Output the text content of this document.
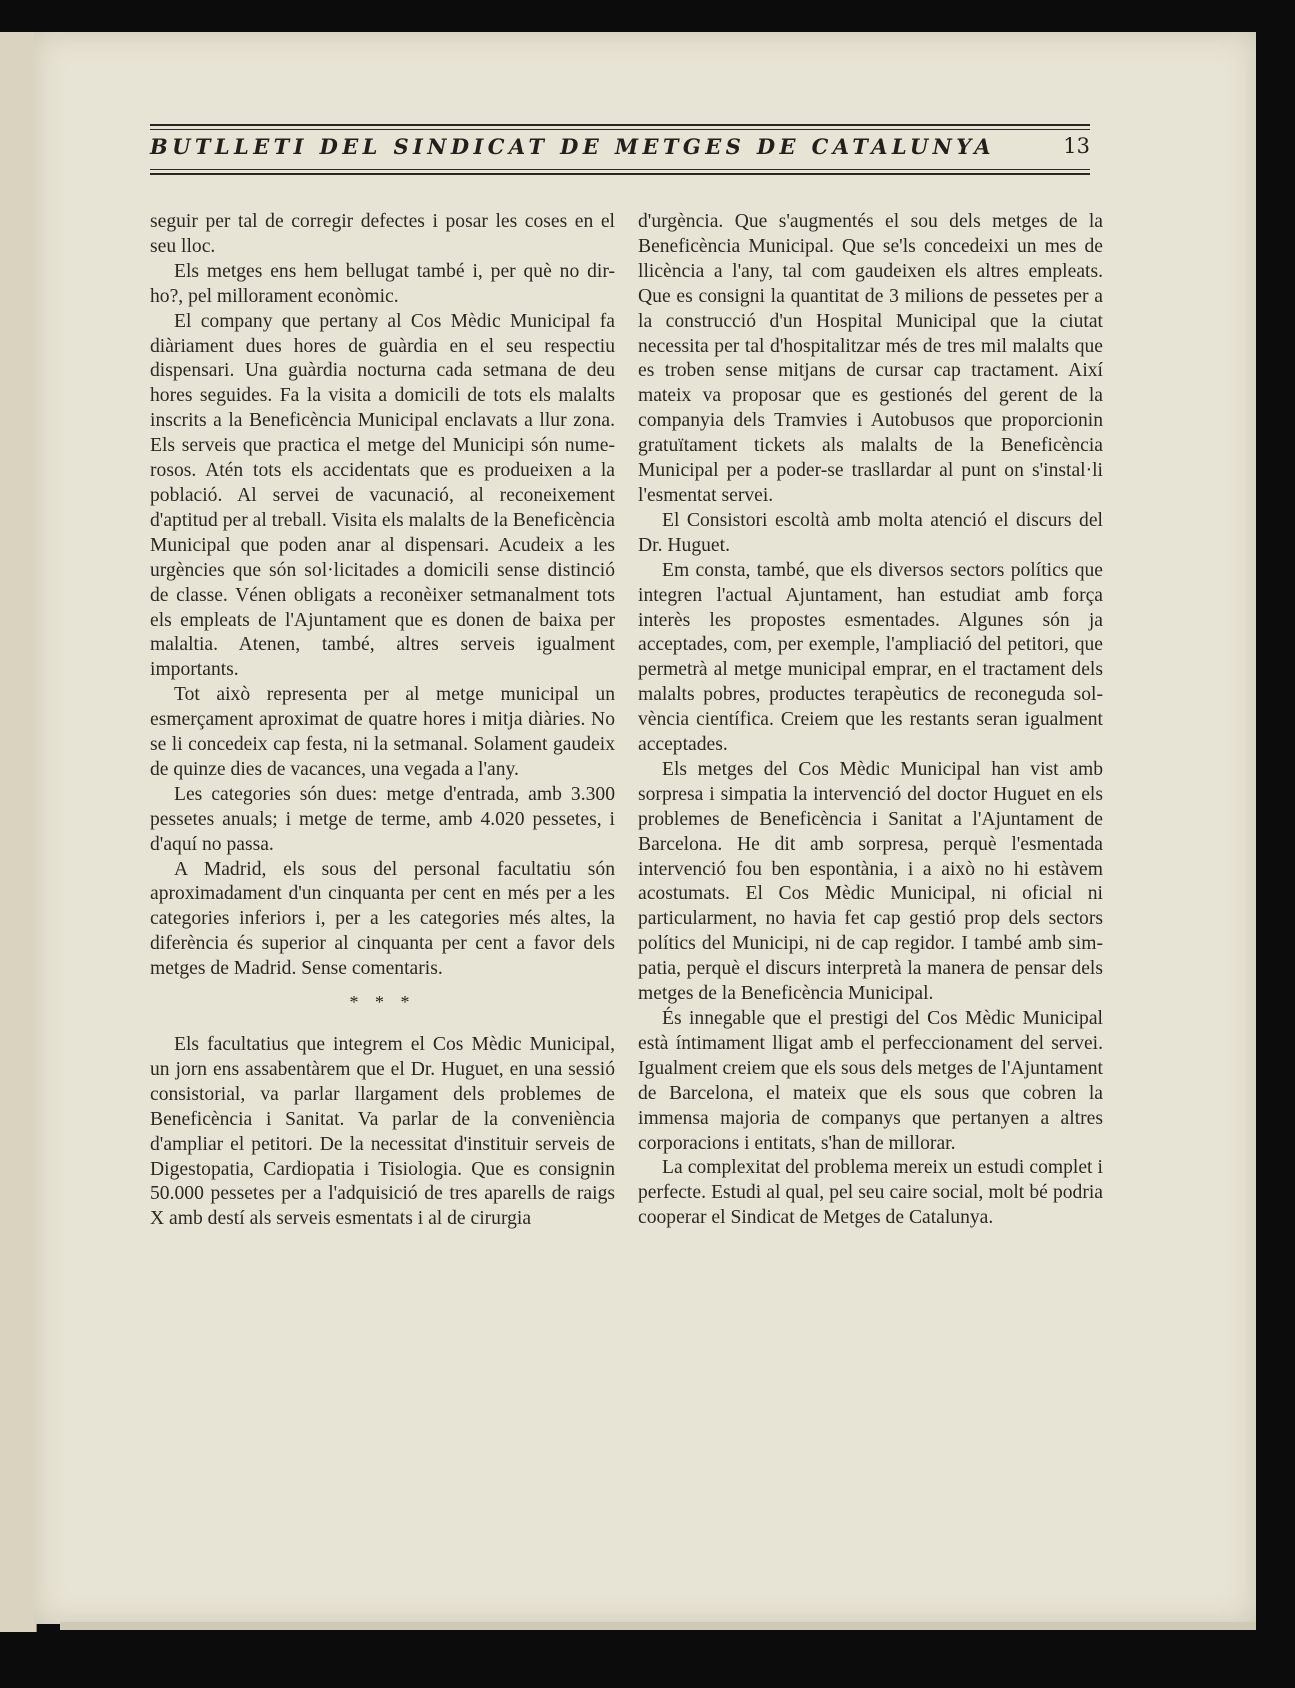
BUTLLETI DEL SINDICAT DE METGES DE CATALUNYA	13

seguir per tal de corregir defectes i posar les coses en el seu lloc.

Els metges ens hem bellugat també i, per què no dir-ho?, pel millorament econòmic.

El company que pertany al Cos Mèdic Municipal fa diàriament dues hores de guàrdia en el seu respectiu dispensari. Una guàrdia nocturna cada setmana de deu hores seguides. Fa la visita a domicili de tots els malalts inscrits a la Beneficència Municipal enclavats a llur zona. Els serveis que practica el metge del Municipi són numerosos. Atén tots els accidentats que es produeixen a la població. Al servei de vacunació, al reconeixement d'aptitud per al treball. Visita els malalts de la Beneficència Municipal que poden anar al dispensari. Acudeix a les urgències que són sol·licitades a domicili sense distinció de classe. Vénen obligats a reconèixer setmanalment tots els empleats de l'Ajuntament que es donen de baixa per malaltia. Atenen, també, altres serveis igualment importants.

Tot això representa per al metge municipal un esmerçament aproximat de quatre hores i mitja diàries. No se li concedeix cap festa, ni la setmanal. Solament gaudeix de quinze dies de vacances, una vegada a l'any.

Les categories són dues: metge d'entrada, amb 3.300 pessetes anuals; i metge de terme, amb 4.020 pessetes, i d'aquí no passa.

A Madrid, els sous del personal facultatiu són aproximadament d'un cinquanta per cent en més per a les categories inferiors i, per a les categories més altes, la diferència és superior al cinquanta per cent a favor dels metges de Madrid. Sense comentaris.

* * *

Els facultatius que integrem el Cos Mèdic Municipal, un jorn ens assabentàrem que el Dr. Huguet, en una sessió consistorial, va parlar llargament dels problemes de Beneficència i Sanitat. Va parlar de la conveniència d'ampliar el petitori. De la necessitat d'instituir serveis de Digestopatia, Cardiopatia i Tisiologia. Que es consignin 50.000 pessetes per a l'adquisició de tres aparells de raigs X amb destí als serveis esmentats i al de cirurgia

d'urgència. Que s'augmentés el sou dels metges de la Beneficència Municipal. Que se'ls concedeixi un mes de llicència a l'any, tal com gaudeixen els altres empleats. Que es consigni la quantitat de 3 milions de pessetes per a la construcció d'un Hospital Municipal que la ciutat necessita per tal d'hospitalitzar més de tres mil malalts que es troben sense mitjans de cursar cap tractament. Així mateix va proposar que es gestionés del gerent de la companyia dels Tramvies i Autobusos que proporcionin gratuïtament tickets als malalts de la Beneficència Municipal per a poder-se trasllardar al punt on s'instal·li l'esmentat servei.

El Consistori escoltà amb molta atenció el discurs del Dr. Huguet.

Em consta, també, que els diversos sectors polítics que integren l'actual Ajuntament, han estudiat amb força interès les propostes esmentades. Algunes són ja acceptades, com, per exemple, l'ampliació del petitori, que permetrà al metge municipal emprar, en el tractament dels malalts pobres, productes terapèutics de reconeguda solvència científica. Creiem que les restants seran igualment acceptades.

Els metges del Cos Mèdic Municipal han vist amb sorpresa i simpatia la intervenció del doctor Huguet en els problemes de Beneficència i Sanitat a l'Ajuntament de Barcelona. He dit amb sorpresa, perquè l'esmentada intervenció fou ben espontània, i a això no hi estàvem acostumats. El Cos Mèdic Municipal, ni oficial ni particularment, no havia fet cap gestió prop dels sectors polítics del Municipi, ni de cap regidor. I també amb simpatia, perquè el discurs interpretà la manera de pensar dels metges de la Beneficència Municipal.

És innegable que el prestigi del Cos Mèdic Municipal està íntimament lligat amb el perfeccionament del servei. Igualment creiem que els sous dels metges de l'Ajuntament de Barcelona, el mateix que els sous que cobren la immensa majoria de companys que pertanyen a altres corporacions i entitats, s'han de millorar.

La complexitat del problema mereix un estudi complet i perfecte. Estudi al qual, pel seu caire social, molt bé podria cooperar el Sindicat de Metges de Catalunya.
